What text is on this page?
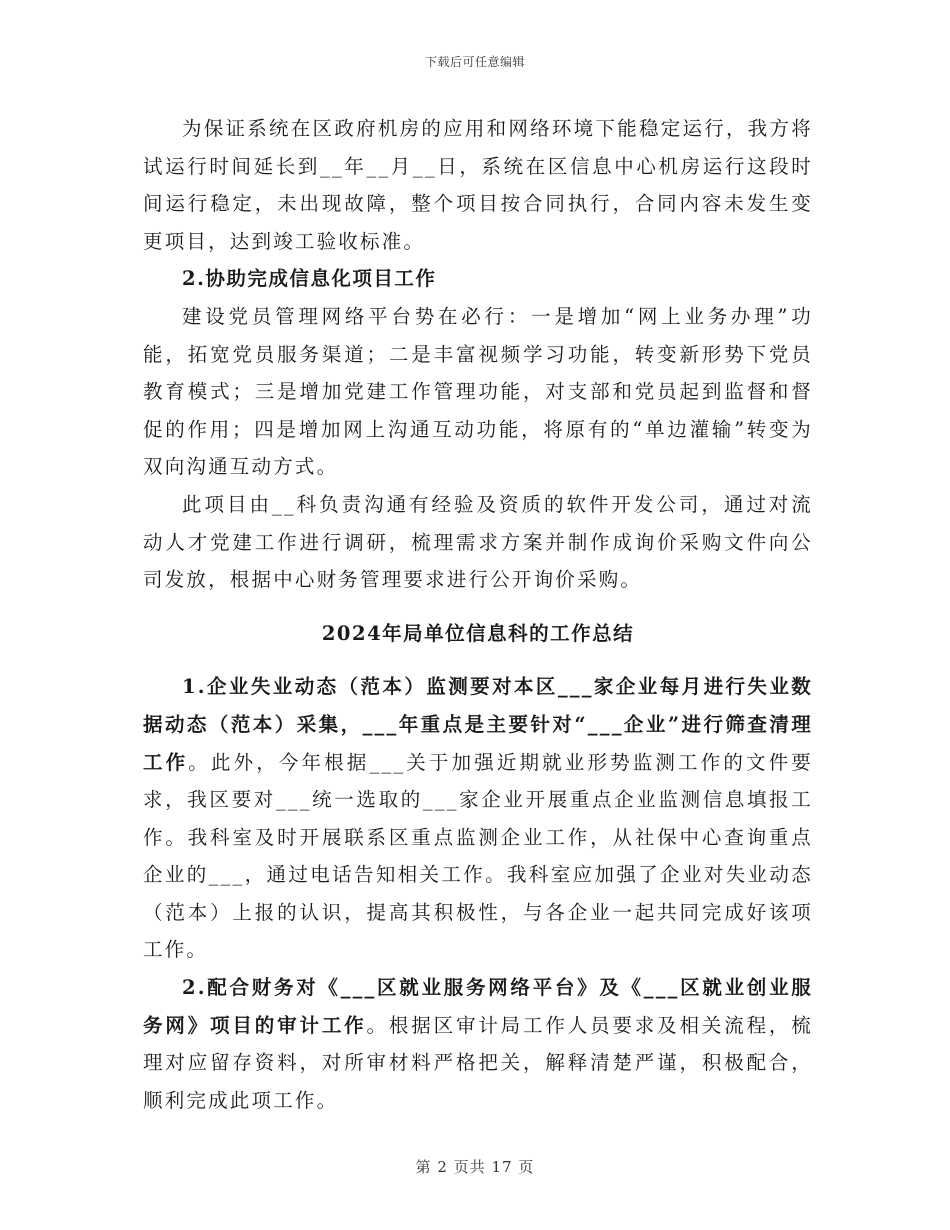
下载后可任意编辑

为保证系统在区政府机房的应用和网络环境下能稳定运行，我方将试运行时间延长到__年__月__日，系统在区信息中心机房运行这段时间运行稳定，未出现故障，整个项目按合同执行，合同内容未发生变更项目，达到竣工验收标准。

2.协助完成信息化项目工作

建设党员管理网络平台势在必行：一是增加“网上业务办理”功能，拓宽党员服务渠道；二是丰富视频学习功能，转变新形势下党员教育模式；三是增加党建工作管理功能，对支部和党员起到监督和督促的作用；四是增加网上沟通互动功能，将原有的“单边灌输”转变为双向沟通互动方式。

此项目由__科负责沟通有经验及资质的软件开发公司，通过对流动人才党建工作进行调研，梳理需求方案并制作成询价采购文件向公司发放，根据中心财务管理要求进行公开询价采购。

2024年局单位信息科的工作总结

1.企业失业动态（范本）监测要对本区___家企业每月进行失业数据动态（范本）采集，___年重点是主要针对“___企业”进行筛查清理工作。此外，今年根据___关于加强近期就业形势监测工作的文件要求，我区要对___统一选取的___家企业开展重点企业监测信息填报工作。我科室及时开展联系区重点监测企业工作，从社保中心查询重点企业的___，通过电话告知相关工作。我科室应加强了企业对失业动态（范本）上报的认识，提高其积极性，与各企业一起共同完成好该项工作。

2.配合财务对《___区就业服务网络平台》及《___区就业创业服务网》项目的审计工作。根据区审计局工作人员要求及相关流程，梳理对应留存资料，对所审材料严格把关，解释清楚严谨，积极配合，顺利完成此项工作。

第 2 页共 17 页
